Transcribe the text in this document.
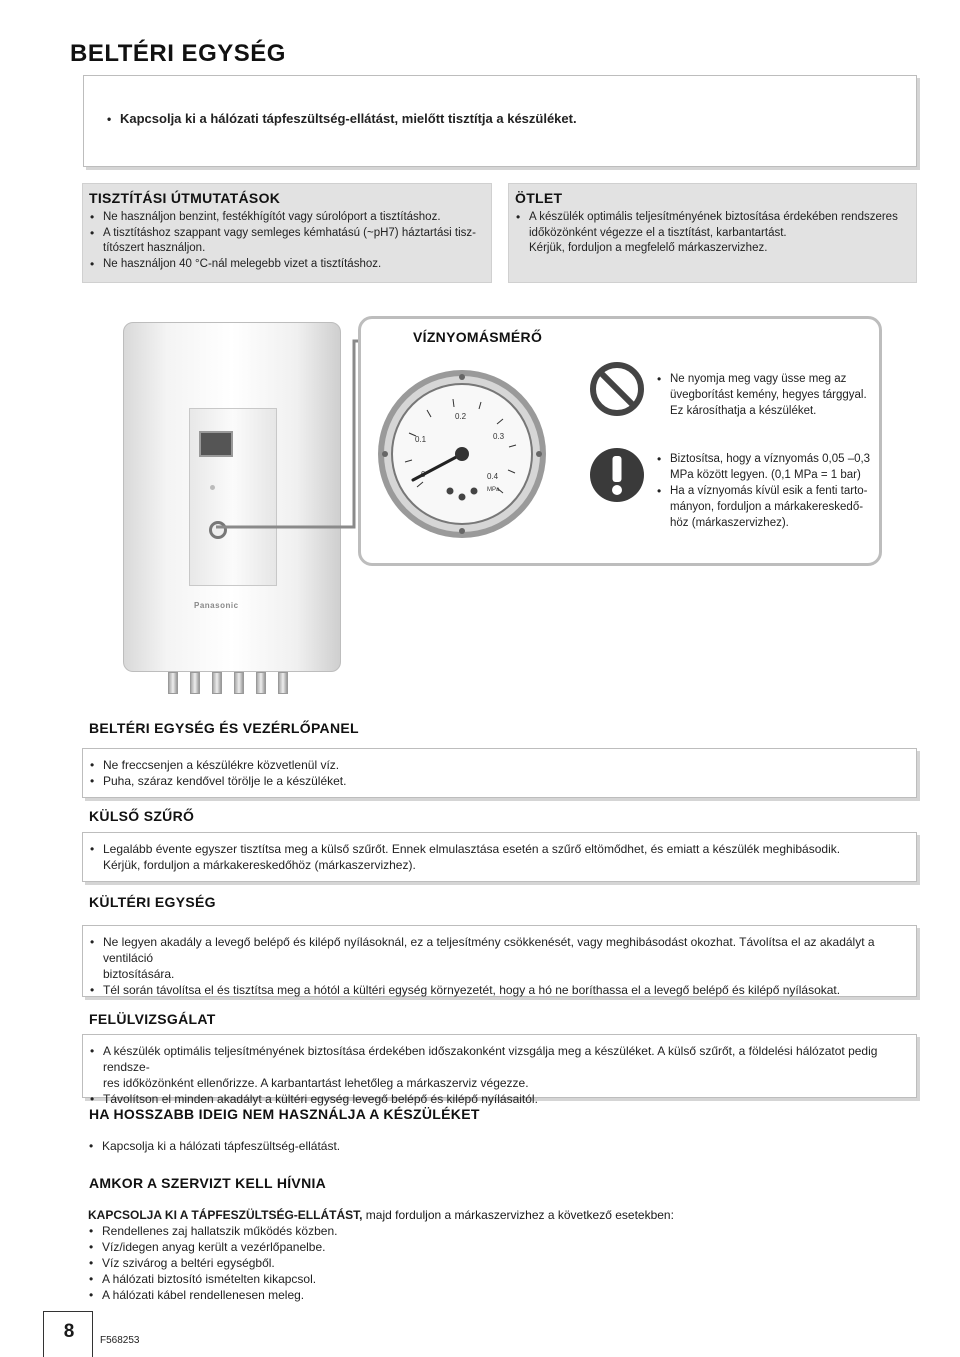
BELTÉRI EGYSÉG
• Kapcsolja ki a hálózati tápfeszültség-ellátást, mielőtt tisztítja a készüléket.
TISZTÍTÁSI ÚTMUTATÁSOK
• Ne használjon benzint, festékhígítót vagy súrolóport a tisztításhoz.
• A tisztításhoz szappant vagy semleges kémhatású (~pH7) háztartási tisz-
títószert használjon.
• Ne használjon 40 °C-nál melegebb vizet a tisztításhoz.
ÖTLET
• A készülék optimális teljesítményének biztosítása érdekében rendszeres
időközönként végezze el a tisztítást, karbantartást.
Kérjük, forduljon a megfelelő márkaszervizhez.
Panasonic
VÍZNYOMÁSMÉRŐ
0.1
0.2
0.3
0.4
MPa
• Ne nyomja meg vagy üsse meg az
üvegborítást kemény, hegyes tárggyal.
Ez károsíthatja a készüléket.
• Biztosítsa, hogy a víznyomás 0,05 –0,3
MPa között legyen. (0,1 MPa = 1 bar)
• Ha a víznyomás kívül esik a fenti tarto-
mányon, forduljon a márkakereskedő-
höz (márkaszervizhez).
BELTÉRI EGYSÉG ÉS VEZÉRLŐPANEL
• Ne freccsenjen a készülékre közvetlenül víz.
• Puha, száraz kendővel törölje le a készüléket.
KÜLSŐ SZŰRŐ
• Legalább évente egyszer tisztítsa meg a külső szűrőt. Ennek elmulasztása esetén a szűrő eltömődhet, és emiatt a készülék meghibásodik.
Kérjük, forduljon a márkakereskedőhöz (márkaszervizhez).
KÜLTÉRI EGYSÉG
• Ne legyen akadály a levegő belépő és kilépő nyílásoknál, ez a teljesítmény csökkenését, vagy meghibásodást okozhat. Távolítsa el az akadályt a ventiláció
biztosítására.
• Tél során távolítsa el és tisztítsa meg a hótól a kültéri egység környezetét, hogy a hó ne boríthassa el a levegő belépő és kilépő nyílásokat.
FELÜLVIZSGÁLAT
• A készülék optimális teljesítményének biztosítása érdekében időszakonként vizsgálja meg a készüléket. A külső szűrőt, a földelési hálózatot pedig rendsze-
res időközönként ellenőrizze. A karbantartást lehetőleg a márkaszerviz végezze.
• Távolítson el minden akadályt a kültéri egység levegő belépő és kilépő nyílásaitól.
HA HOSSZABB IDEIG NEM HASZNÁLJA A KÉSZÜLÉKET
• Kapcsolja ki a hálózati tápfeszültség-ellátást.
AMKOR A SZERVIZT KELL HÍVNIA
KAPCSOLJA KI A TÁPFESZÜLTSÉG-ELLÁTÁST, majd forduljon a márkaszervizhez a következő esetekben:
• Rendellenes zaj hallatszik működés közben.
• Víz/idegen anyag került a vezérlőpanelbe.
• Víz szivárog a beltéri egységből.
• A hálózati biztosító ismételten kikapcsol.
• A hálózati kábel rendellenesen meleg.
8	F568253
